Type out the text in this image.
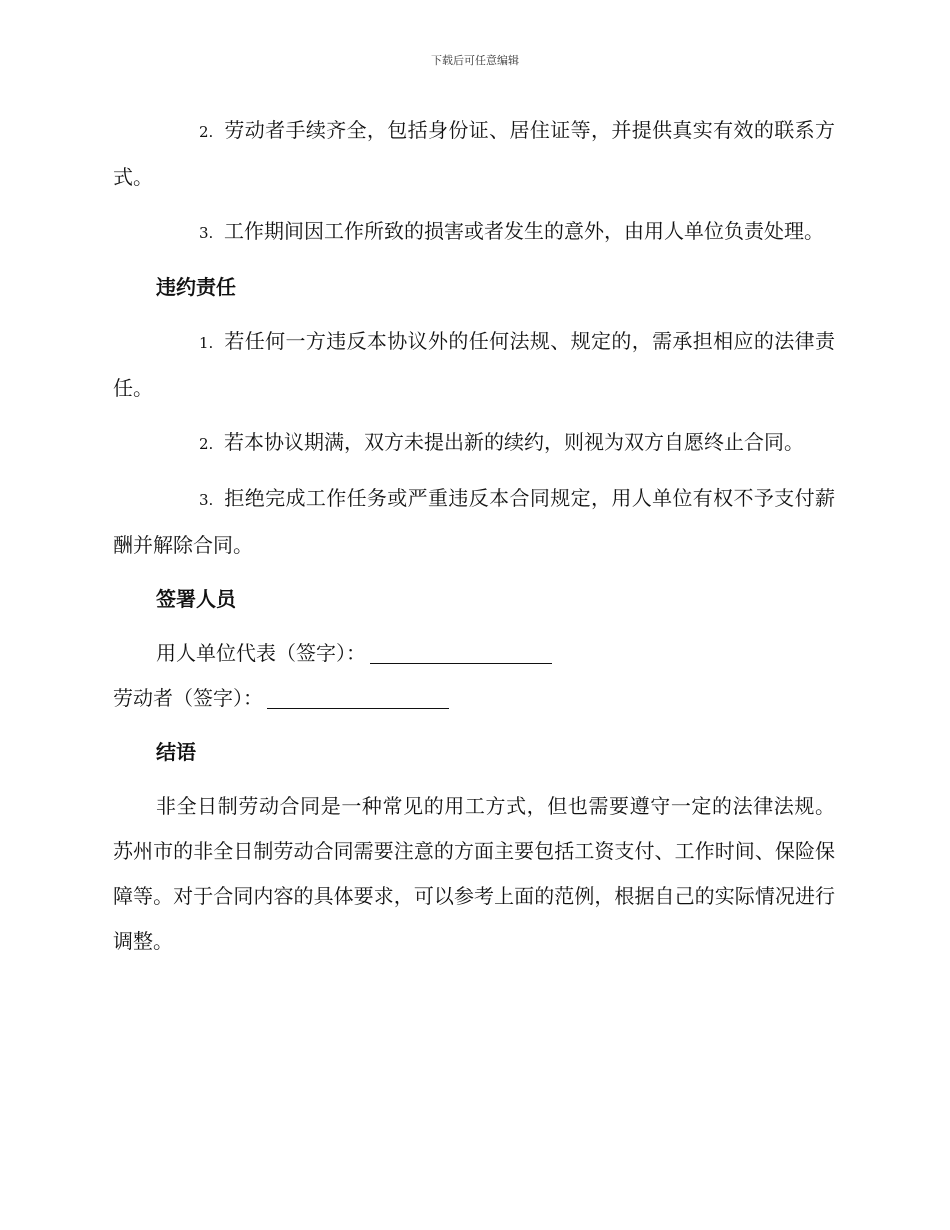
下载后可任意编辑

2. 劳动者手续齐全，包括身份证、居住证等，并提供真实有效的联系方式。

3. 工作期间因工作所致的损害或者发生的意外，由用人单位负责处理。

违约责任

1. 若任何一方违反本协议外的任何法规、规定的，需承担相应的法律责任。

2. 若本协议期满，双方未提出新的续约，则视为双方自愿终止合同。

3. 拒绝完成工作任务或严重违反本合同规定，用人单位有权不予支付薪酬并解除合同。

签署人员
用人单位代表（签字）：
劳动者（签字）：
结语

非全日制劳动合同是一种常见的用工方式，但也需要遵守一定的法律法规。苏州市的非全日制劳动合同需要注意的方面主要包括工资支付、工作时间、保险保障等。对于合同内容的具体要求，可以参考上面的范例，根据自己的实际情况进行调整。
